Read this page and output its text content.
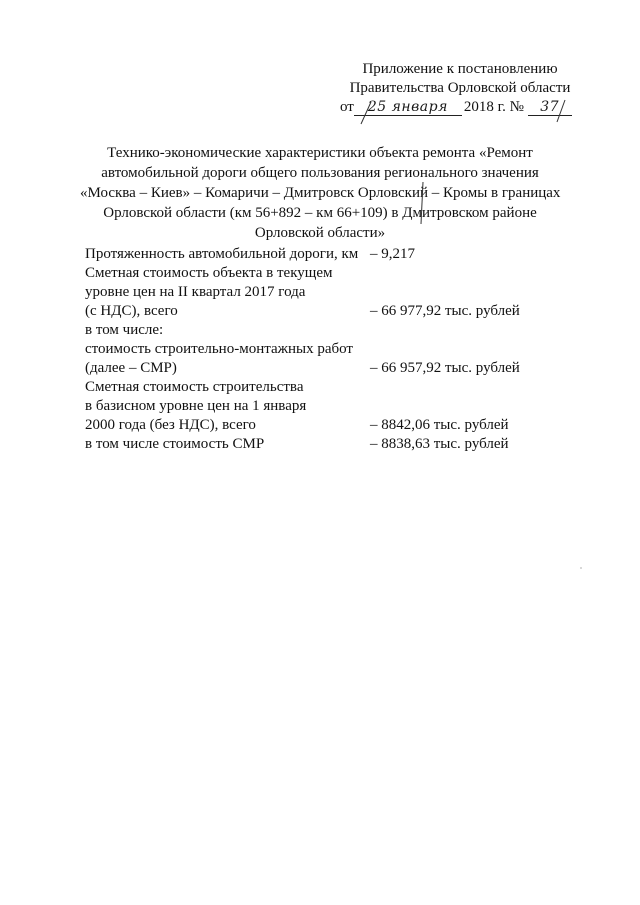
Приложение к постановлению
Правительства Орловской области
от 25 января 2018 г. № 37
Технико-экономические характеристики объекта ремонта «Ремонт
автомобильной дороги общего пользования регионального значения
«Москва – Киев» – Комаричи – Дмитровск Орловский – Кромы в границах
Орловской области (км 56+892 – км 66+109) в Дмитровском районе
Орловской области»
Протяженность автомобильной дороги, км – 9,217
Сметная стоимость объекта в текущем
уровне цен на II квартал 2017 года
(с НДС), всего	– 66 977,92 тыс. рублей
в том числе:
стоимость строительно-монтажных работ
(далее – СМР)	– 66 957,92 тыс. рублей
Сметная стоимость строительства
в базисном уровне цен на 1 января
2000 года (без НДС), всего	– 8842,06 тыс. рублей
в том числе стоимость СМР	– 8838,63 тыс. рублей
